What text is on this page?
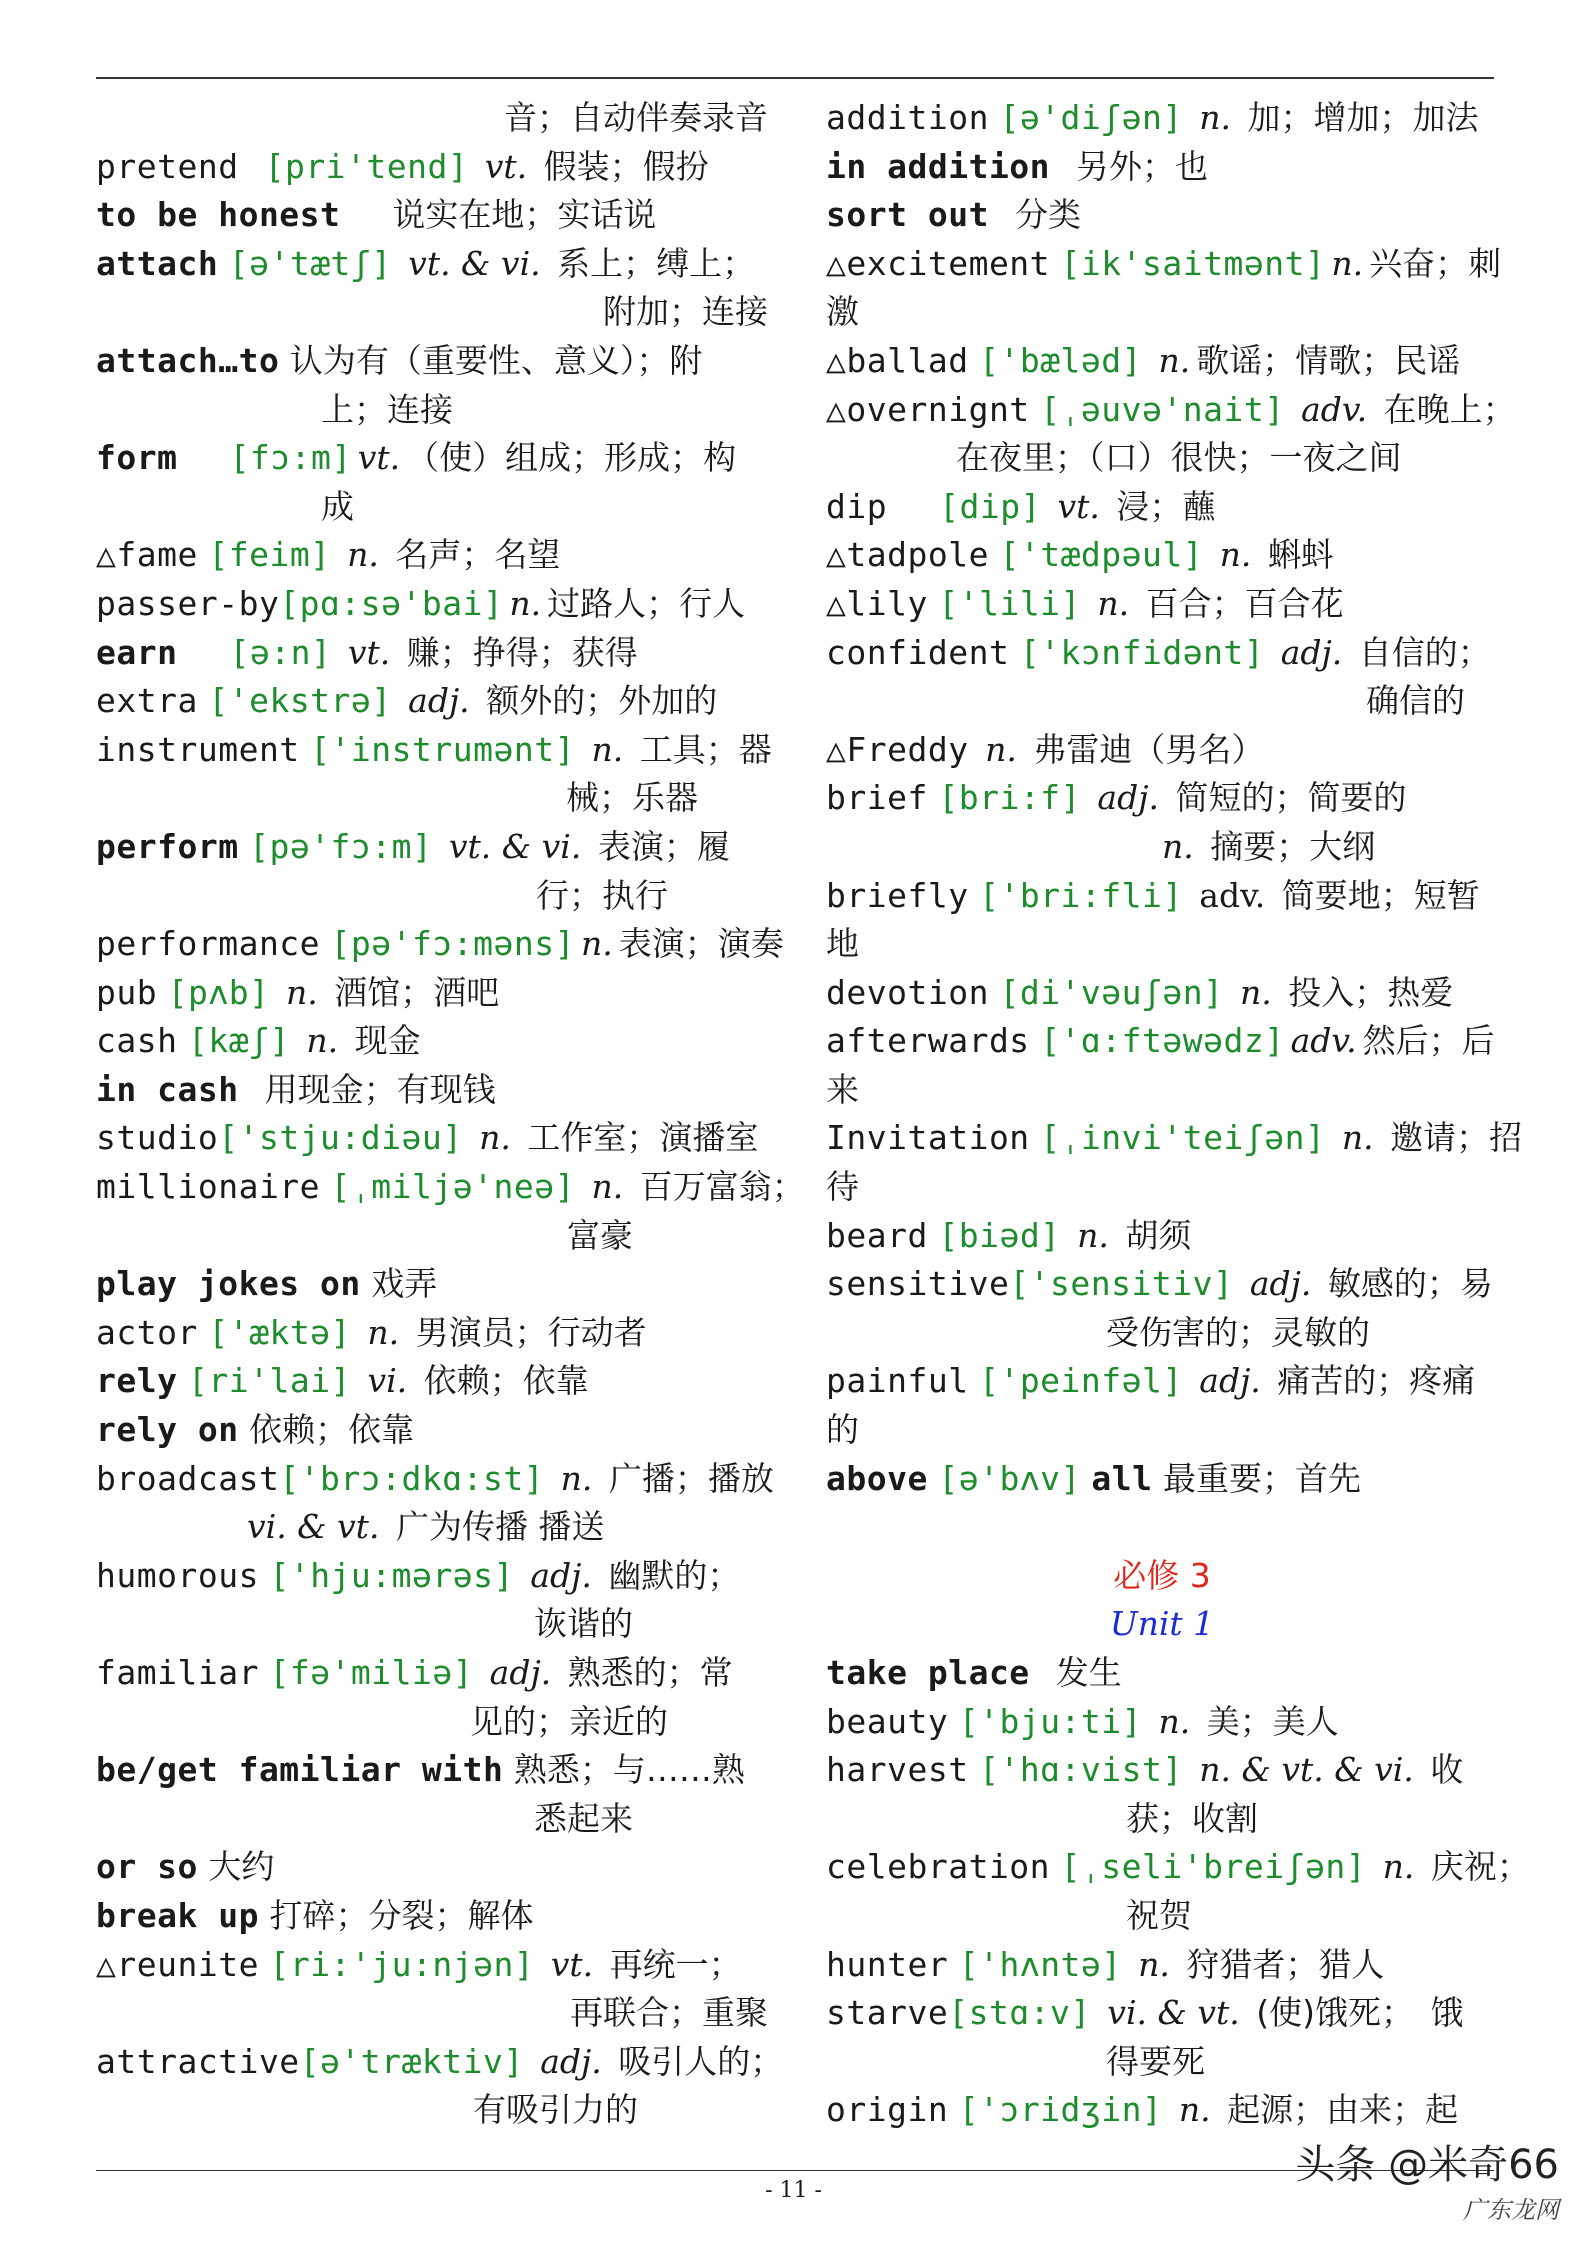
音；自动伴奏录音
pretend [pri'tend] vt. 假装；假扮
to be honest 说实在地；实话说
attach [ə'tætʃ] vt. & vi. 系上；缚上；
附加；连接
attach…to 认为有（重要性、意义）；附
上；连接
form [fɔ:m] vt. （使）组成；形成；构
成
△fame [feim] n. 名声；名望
passer-by[pɑ:sə'bai] n. 过路人；行人
earn [ə:n] vt. 赚；挣得；获得
extra ['ekstrə] adj. 额外的；外加的
instrument ['instrumənt] n. 工具；器
械；乐器
perform [pə'fɔ:m] vt. & vi. 表演；履
行；执行
performance [pə'fɔ:məns] n. 表演；演奏
pub [pʌb] n. 酒馆；酒吧
cash [kæʃ] n. 现金
in cash 用现金；有现钱
studio['stju:diəu] n. 工作室；演播室
millionaire [ˌmiljə'neə] n. 百万富翁；
富豪
play jokes on 戏弄
actor ['æktə] n. 男演员；行动者
rely [ri'lai] vi. 依赖；依靠
rely on 依赖；依靠
broadcast['brɔ:dkɑ:st] n. 广播；播放
vi. & vt. 广为传播 播送
humorous ['hju:mərəs] adj. 幽默的；
诙谐的
familiar [fə'miliə] adj. 熟悉的；常
见的；亲近的
be/get familiar with 熟悉；与……熟
悉起来
or so 大约
break up 打碎；分裂；解体
△reunite [ri:'ju:njən] vt. 再统一；
再联合；重聚
attractive[ə'træktiv] adj. 吸引人的；
有吸引力的
addition [ə'diʃən] n. 加；增加；加法
in addition 另外；也
sort out 分类
△excitement [ik'saitmənt] n. 兴奋；刺
激
△ballad ['bæləd] n. 歌谣；情歌；民谣
△overnignt [ˌəuvə'nait] adv. 在晚上；
在夜里；（口）很快；一夜之间
dip [dip] vt. 浸；蘸
△tadpole ['tædpəul] n. 蝌蚪
△lily ['lili] n. 百合；百合花
confident ['kɔnfidənt] adj. 自信的；
确信的
△Freddy n. 弗雷迪（男名）
brief [bri:f] adj. 简短的；简要的
n. 摘要；大纲
briefly ['bri:fli] adv. 简要地；短暂
地
devotion [di'vəuʃən] n. 投入；热爱
afterwards ['ɑ:ftəwədz] adv. 然后；后
来
Invitation [ˌinvi'teiʃən] n. 邀请；招
待
beard [biəd] n. 胡须
sensitive['sensitiv] adj. 敏感的；易
受伤害的；灵敏的
painful ['peinfəl] adj. 痛苦的；疼痛
的
above [ə'bʌv] all 最重要；首先
必修 3
Unit 1
take place 发生
beauty ['bju:ti] n. 美；美人
harvest ['hɑ:vist] n. & vt. & vi. 收
获；收割
celebration [ˌseli'breiʃən] n. 庆祝；
祝贺
hunter ['hʌntə] n. 狩猎者；猎人
starve[stɑ:v] vi. & vt. (使)饿死；　饿
得要死
origin ['ɔridʒin] n. 起源；由来；起
- 11 -
头条 @米奇66
广东龙网
